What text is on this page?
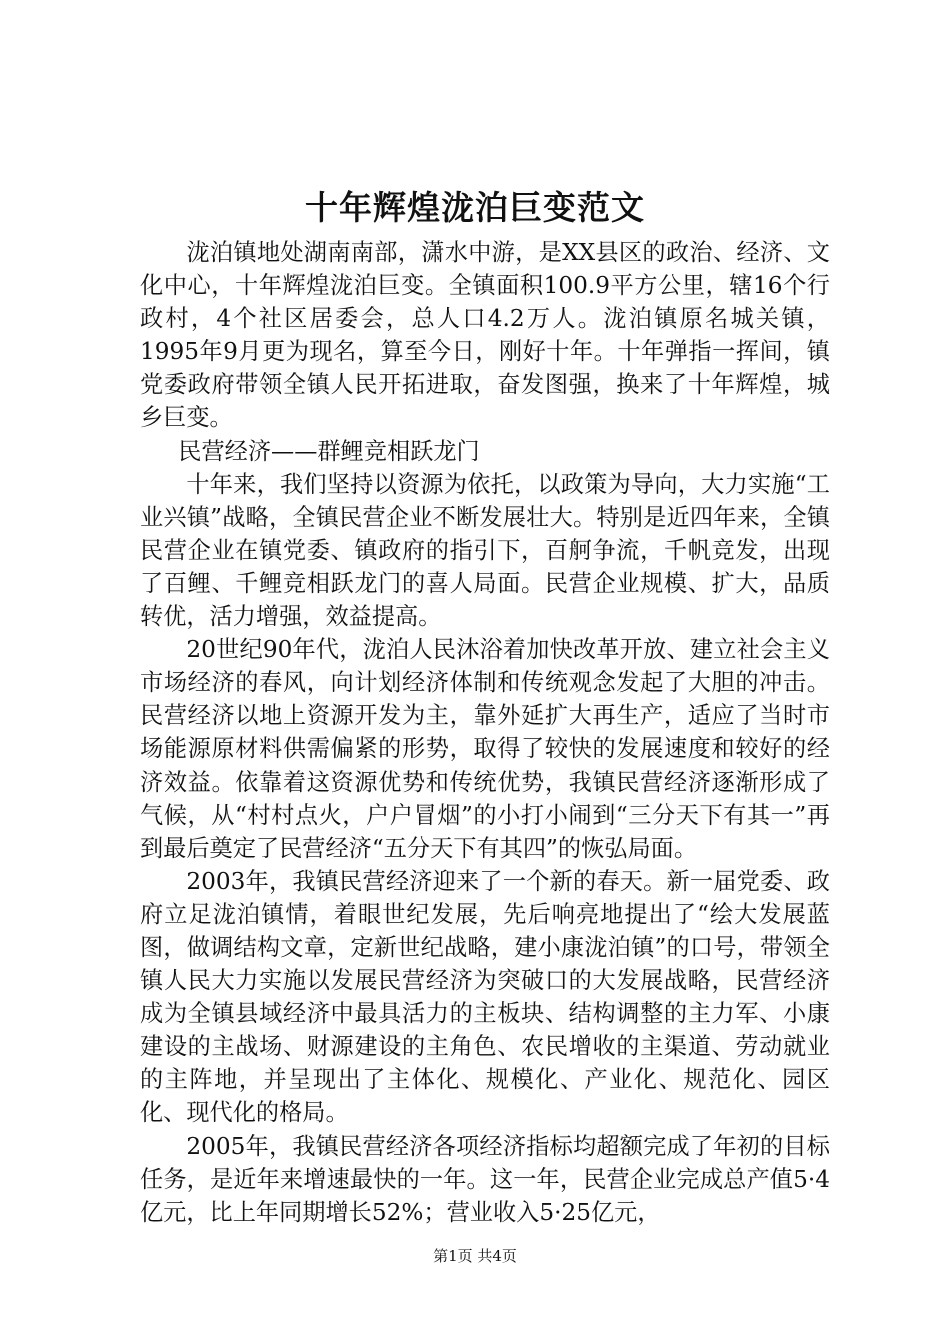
十年辉煌泷泊巨变范文

泷泊镇地处湖南南部，潇水中游，是XX县区的政治、经济、文化中心，十年辉煌泷泊巨变。全镇面积100.9平方公里，辖16个行政村，4个社区居委会，总人口4.2万人。泷泊镇原名城关镇，1995年9月更为现名，算至今日，刚好十年。十年弹指一挥间，镇党委政府带领全镇人民开拓进取，奋发图强，换来了十年辉煌，城乡巨变。

民营经济——群鲤竞相跃龙门

十年来，我们坚持以资源为依托，以政策为导向，大力实施“工业兴镇”战略，全镇民营企业不断发展壮大。特别是近四年来，全镇民营企业在镇党委、镇政府的指引下，百舸争流，千帆竞发，出现了百鲤、千鲤竞相跃龙门的喜人局面。民营企业规模、扩大，品质转优，活力增强，效益提高。

20世纪90年代，泷泊人民沐浴着加快改革开放、建立社会主义市场经济的春风，向计划经济体制和传统观念发起了大胆的冲击。民营经济以地上资源开发为主，靠外延扩大再生产，适应了当时市场能源原材料供需偏紧的形势，取得了较快的发展速度和较好的经济效益。依靠着这资源优势和传统优势，我镇民营经济逐渐形成了气候，从“村村点火，户户冒烟”的小打小闹到“三分天下有其一”再到最后奠定了民营经济“五分天下有其四”的恢弘局面。

2003年，我镇民营经济迎来了一个新的春天。新一届党委、政府立足泷泊镇情，着眼世纪发展，先后响亮地提出了“绘大发展蓝图，做调结构文章，定新世纪战略，建小康泷泊镇”的口号，带领全镇人民大力实施以发展民营经济为突破口的大发展战略，民营经济成为全镇县域经济中最具活力的主板块、结构调整的主力军、小康建设的主战场、财源建设的主角色、农民增收的主渠道、劳动就业的主阵地，并呈现出了主体化、规模化、产业化、规范化、园区化、现代化的格局。

2005年，我镇民营经济各项经济指标均超额完成了年初的目标任务，是近年来增速最快的一年。这一年，民营企业完成总产值5·4亿元，比上年同期增长52%；营业收入5·25亿元，

第1页 共4页
